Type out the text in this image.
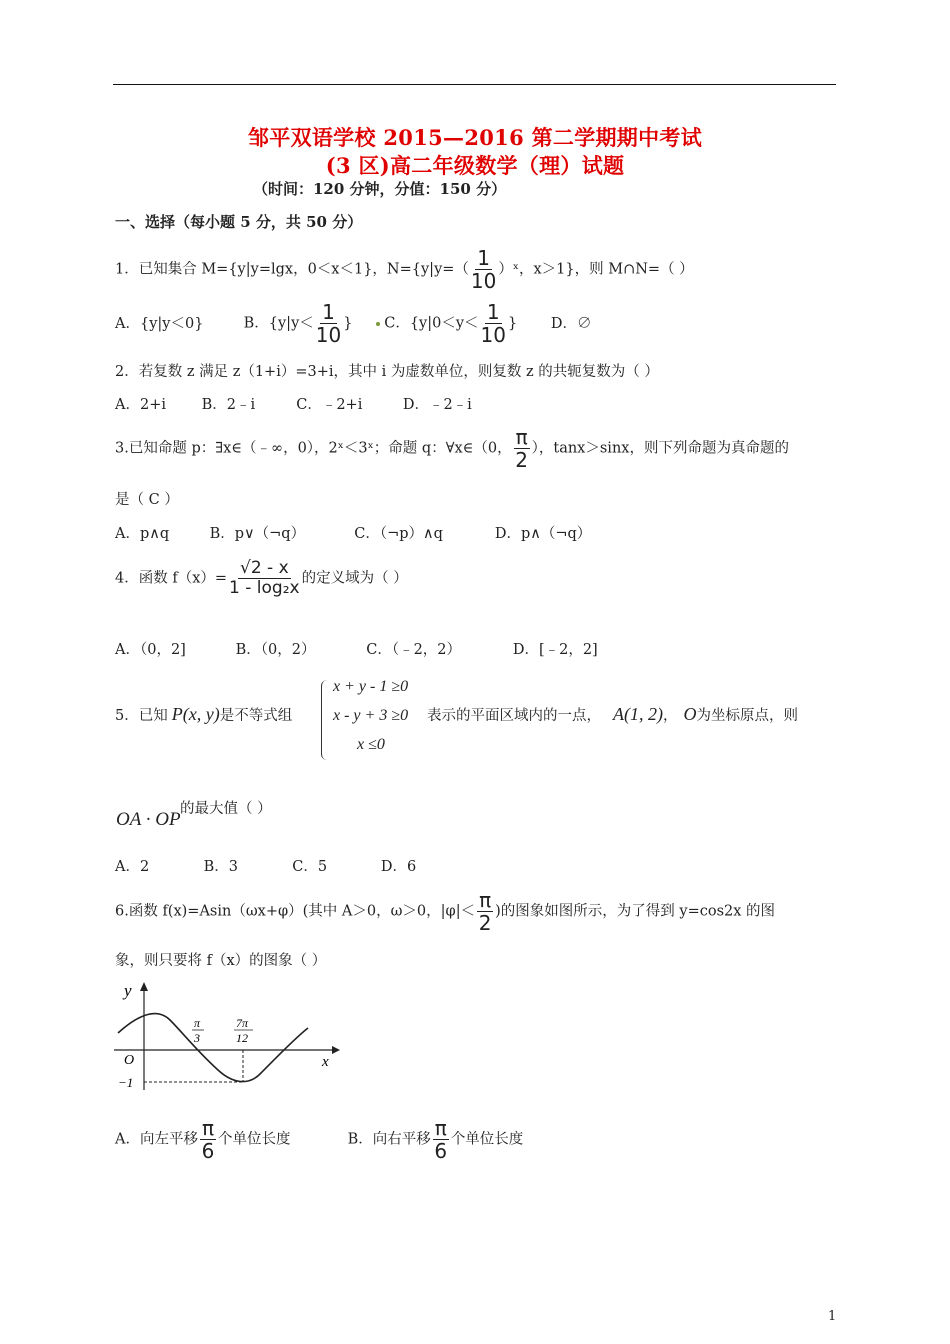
邹平双语学校 2015—2016 第二学期期中考试
(3 区)高二年级数学（理）试题
（时间：120 分钟，分值：150 分）
一、选择（每小题 5 分，共 50 分）
1．已知集合 M={y|y=lgx，0＜x＜1}，$N=\{y|y=( \frac{1}{10}$ ）ˣ，x＞1}，则 M∩N=（ ）
A．{y|y＜0}	B．{$y|y< \frac{1}{10}$ } C．{$y|0<y< \frac{1}{10}$ } D．∅
2．若复数 z 满足 z（1+i）=3+i，其中 i 为虚数单位，则复数 z 的共轭复数为（ ）
A．2+i B．2﹣i	C．﹣2+i	D．﹣2﹣i
3.已知命题 p：∃x∈（﹣∞，0），2ˣ＜3ˣ；命题 q：∀x∈（0， $\frac{\pi}{2}$ ），tanx＞sinx，则下列命题为真命题的
是（ C ）
A．p∧q	B．p∨（¬q）	C．（¬p）∧q	D．p∧（¬q）
4．函数 $f(x)= \frac{√2 - x}{\text{1 - log₂x}}$ 的定义域为（ ）
A．（0，2]	B．（0，2）	C．（﹣2，2）	D．[﹣2，2]
5．已知 P(x, y)是不等式组
x + y - 1 ≥0
x - y + 3 ≥0
x ≤0
表示的平面区域内的一点， A(1, 2)， O为坐标原点，则
OA · OP 的最大值（ ）
A．2	B．3	C．5	D．6
6.函数 f(x)=Asin（ωx+φ）(其中 A＞0，ω＞0，$|\varphi|< \frac{\pi}{2}$ )的图象如图所示，为了得到 y=cos2x 的图
象，则只要将 f（x）的图象（ ）
y
x
O
−1
π
3
7π
12
A．向左平移 $\frac{\pi}{6}$ 个单位长度	B．向右平移 $\frac{\pi}{6}$ 个单位长度
1
